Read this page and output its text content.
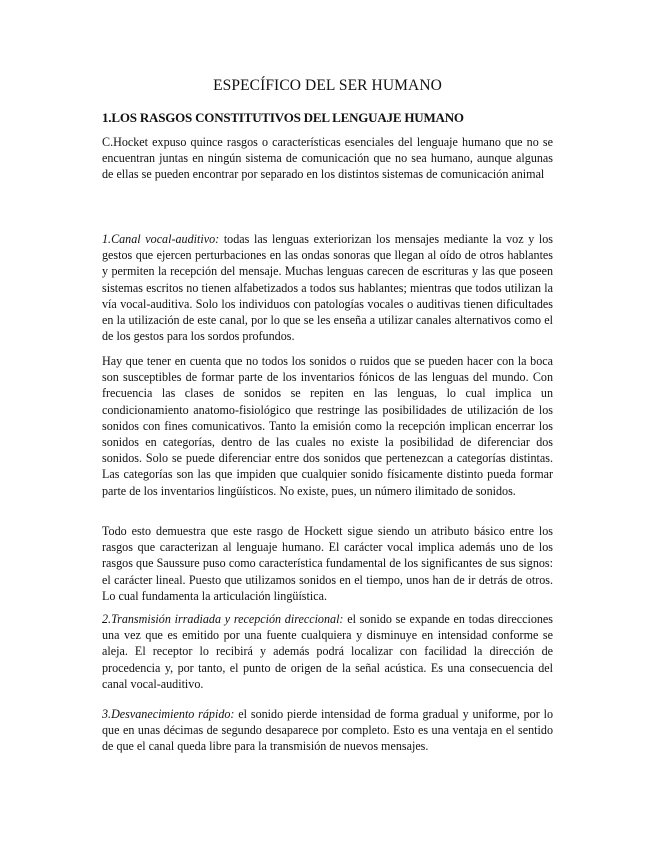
ESPECÍFICO DEL SER HUMANO
1.LOS RASGOS CONSTITUTIVOS DEL LENGUAJE HUMANO

C.Hocket expuso quince rasgos o características esenciales del lenguaje humano que no se encuentran juntas en ningún sistema de comunicación que no sea humano, aunque algunas de ellas se pueden encontrar por separado en los distintos sistemas de comunicación animal

1.Canal vocal-auditivo: todas las lenguas exteriorizan los mensajes mediante la voz y los gestos que ejercen perturbaciones en las ondas sonoras que llegan al oído de otros hablantes y permiten la recepción del mensaje. Muchas lenguas carecen de escrituras y las que poseen sistemas escritos no tienen alfabetizados a todos sus hablantes; mientras que todos utilizan la vía vocal-auditiva. Solo los individuos con patologías vocales o auditivas tienen dificultades en la utilización de este canal, por lo que se les enseña a utilizar canales alternativos como el de los gestos para los sordos profundos.

Hay que tener en cuenta que no todos los sonidos o ruidos que se pueden hacer con la boca son susceptibles de formar parte de los inventarios fónicos de las lenguas del mundo. Con frecuencia las clases de sonidos se repiten en las lenguas, lo cual implica un condicionamiento anatomo-fisiológico que restringe las posibilidades de utilización de los sonidos con fines comunicativos. Tanto la emisión como la recepción implican encerrar los sonidos en categorías, dentro de las cuales no existe la posibilidad de diferenciar dos sonidos. Solo se puede diferenciar entre dos sonidos que pertenezcan a categorías distintas. Las categorías son las que impiden que cualquier sonido físicamente distinto pueda formar parte de los inventarios lingüísticos. No existe, pues, un número ilimitado de sonidos.

Todo esto demuestra que este rasgo de Hockett sigue siendo un atributo básico entre los rasgos que caracterizan al lenguaje humano. El carácter vocal implica además uno de los rasgos que Saussure puso como característica fundamental de los significantes de sus signos: el carácter lineal. Puesto que utilizamos sonidos en el tiempo, unos han de ir detrás de otros. Lo cual fundamenta la articulación lingüística.

2.Transmisión irradiada y recepción direccional: el sonido se expande en todas direcciones una vez que es emitido por una fuente cualquiera y disminuye en intensidad conforme se aleja. El receptor lo recibirá y además podrá localizar con facilidad la dirección de procedencia y, por tanto, el punto de origen de la señal acústica. Es una consecuencia del canal vocal-auditivo.

3.Desvanecimiento rápido: el sonido pierde intensidad de forma gradual y uniforme, por lo que en unas décimas de segundo desaparece por completo. Esto es una ventaja en el sentido de que el canal queda libre para la transmisión de nuevos mensajes.
